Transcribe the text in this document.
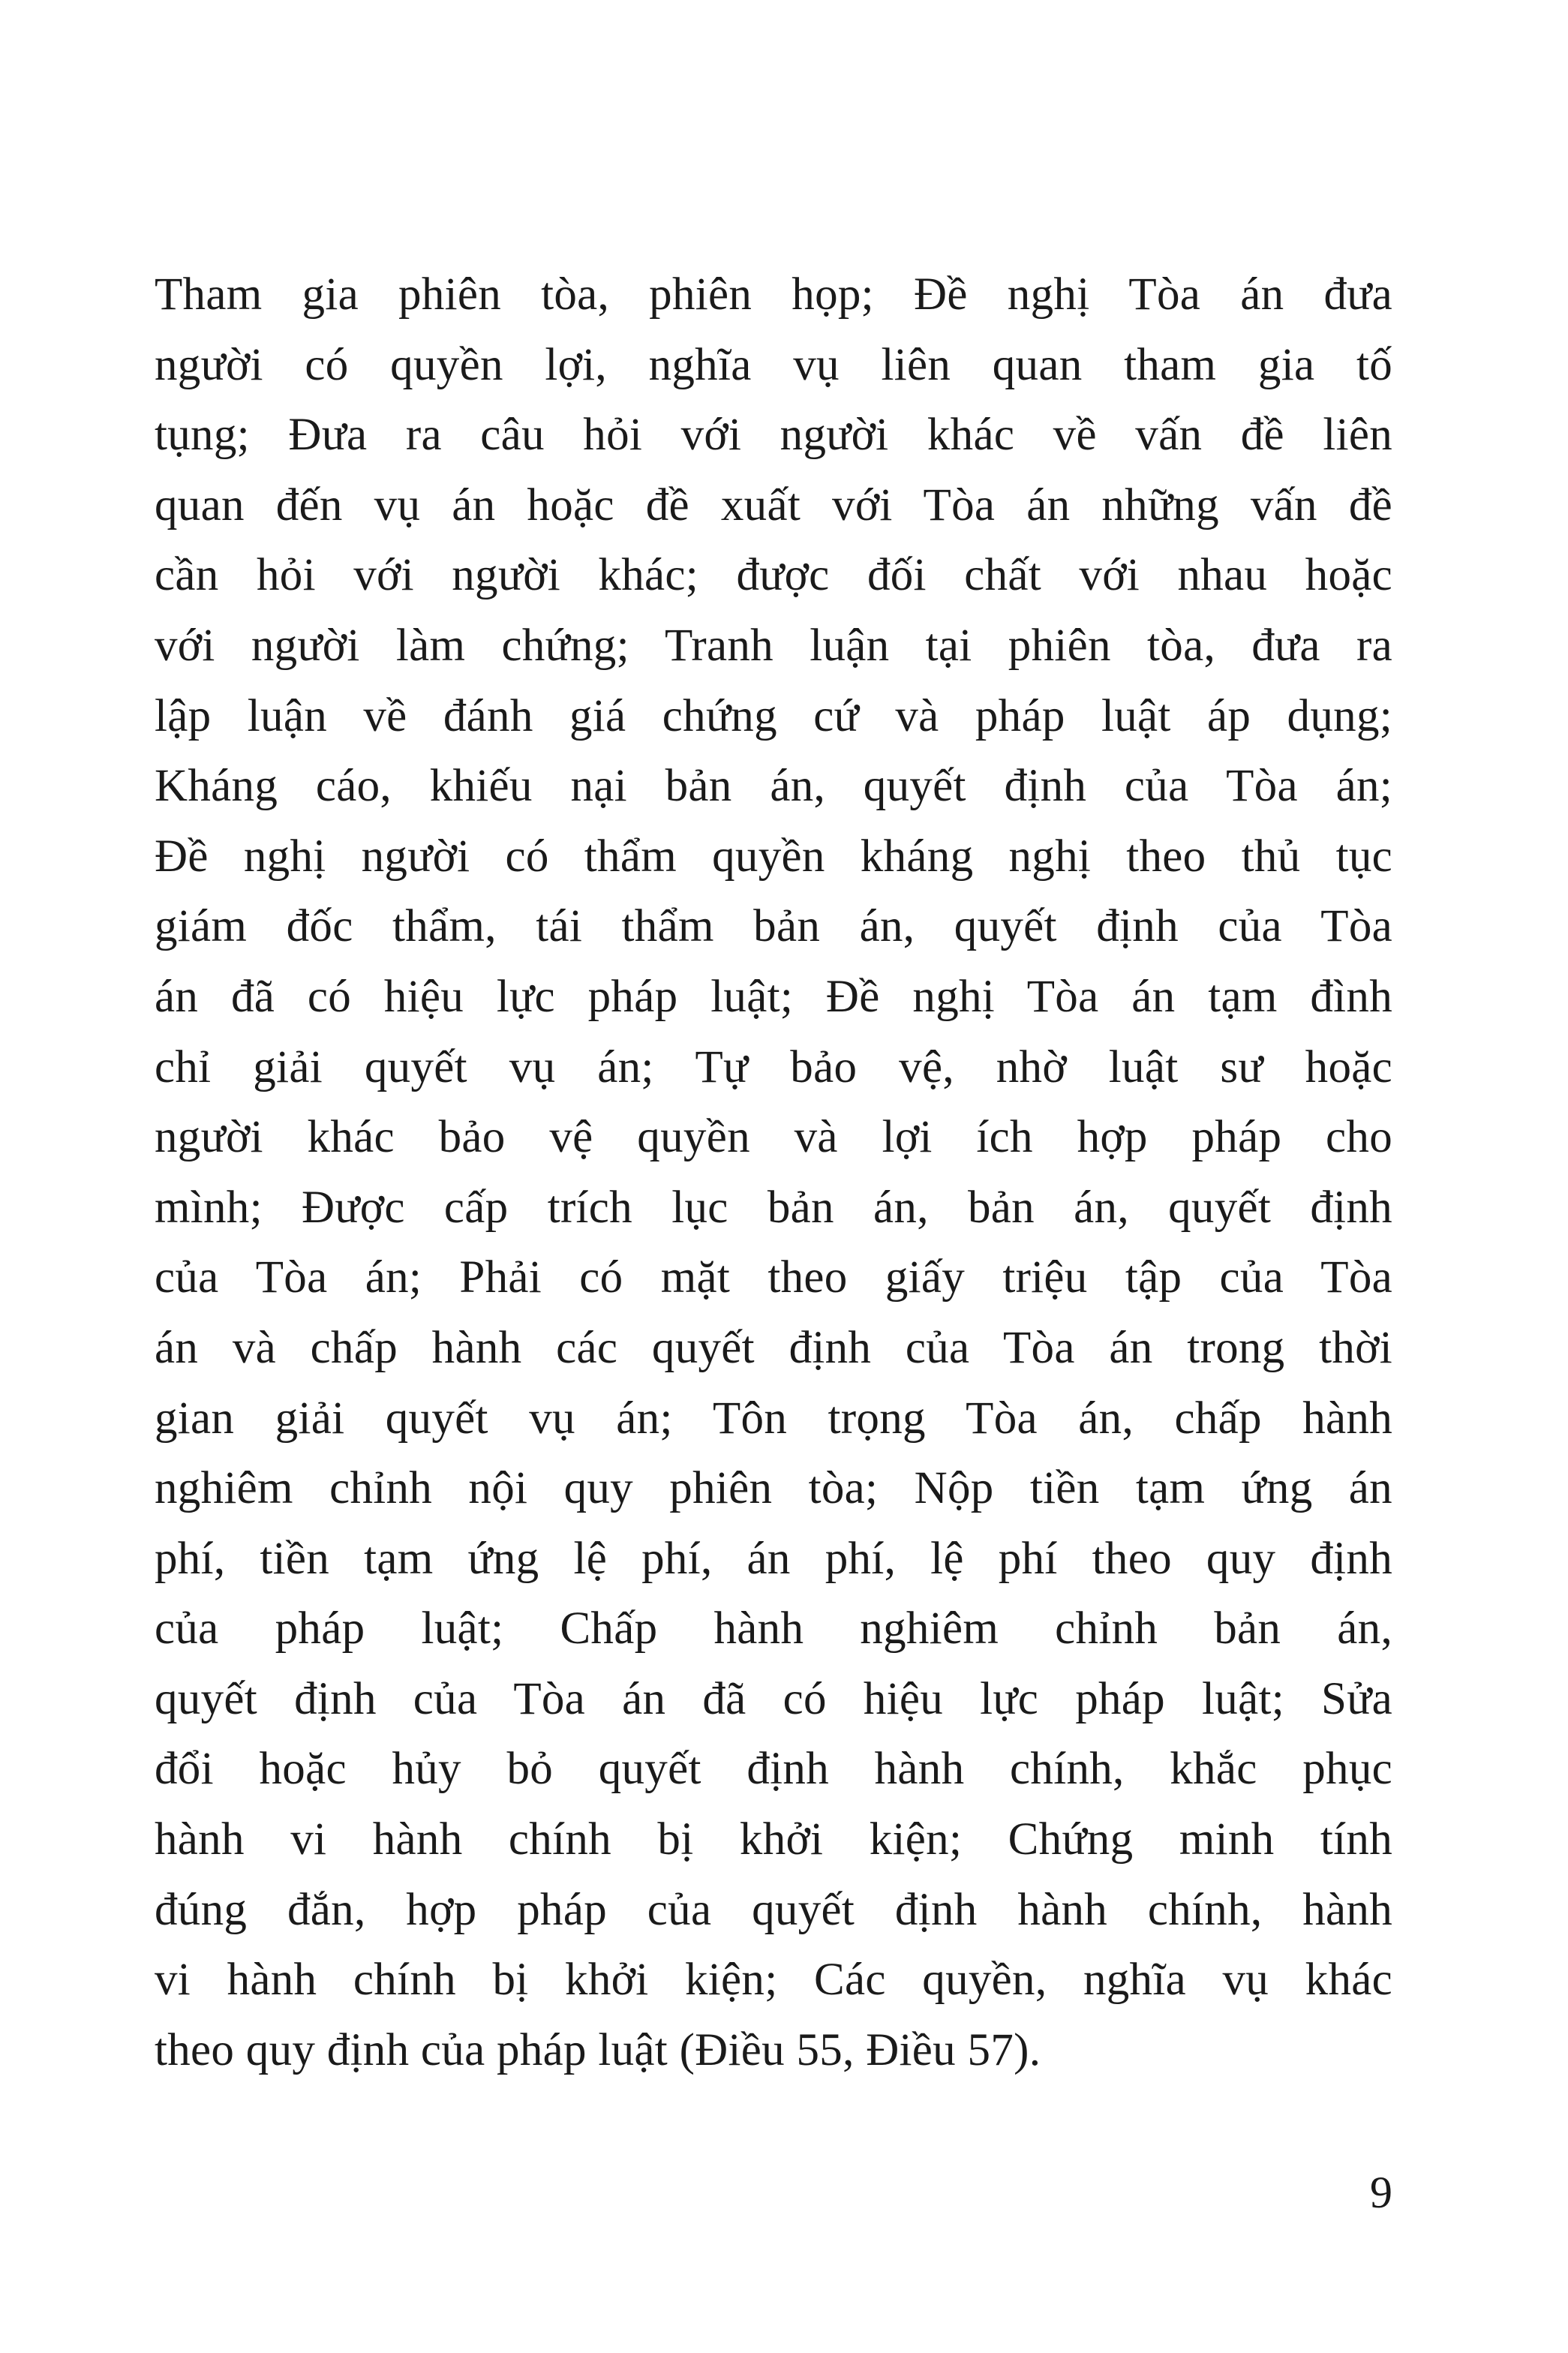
Tham gia phiên tòa, phiên họp; Đề nghị Tòa án đưa
người có quyền lợi, nghĩa vụ liên quan tham gia tố
tụng; Đưa ra câu hỏi với người khác về vấn đề liên
quan đến vụ án hoặc đề xuất với Tòa án những vấn đề
cần hỏi với người khác; được đối chất với nhau hoặc
với người làm chứng; Tranh luận tại phiên tòa, đưa ra
lập luận về đánh giá chứng cứ và pháp luật áp dụng;
Kháng cáo, khiếu nại bản án, quyết định của Tòa án;
Đề nghị người có thẩm quyền kháng nghị theo thủ tục
giám đốc thẩm, tái thẩm bản án, quyết định của Tòa
án đã có hiệu lực pháp luật; Đề nghị Tòa án tạm đình
chỉ giải quyết vụ án; Tự bảo vệ, nhờ luật sư hoặc
người khác bảo vệ quyền và lợi ích hợp pháp cho
mình; Được cấp trích lục bản án, bản án, quyết định
của Tòa án; Phải có mặt theo giấy triệu tập của Tòa
án và chấp hành các quyết định của Tòa án trong thời
gian giải quyết vụ án; Tôn trọng Tòa án, chấp hành
nghiêm chỉnh nội quy phiên tòa; Nộp tiền tạm ứng án
phí, tiền tạm ứng lệ phí, án phí, lệ phí theo quy định
của pháp luật; Chấp hành nghiêm chỉnh bản án,
quyết định của Tòa án đã có hiệu lực pháp luật; Sửa
đổi hoặc hủy bỏ quyết định hành chính, khắc phục
hành vi hành chính bị khởi kiện; Chứng minh tính
đúng đắn, hợp pháp của quyết định hành chính, hành
vi hành chính bị khởi kiện; Các quyền, nghĩa vụ khác
theo quy định của pháp luật (Điều 55, Điều 57).
9
